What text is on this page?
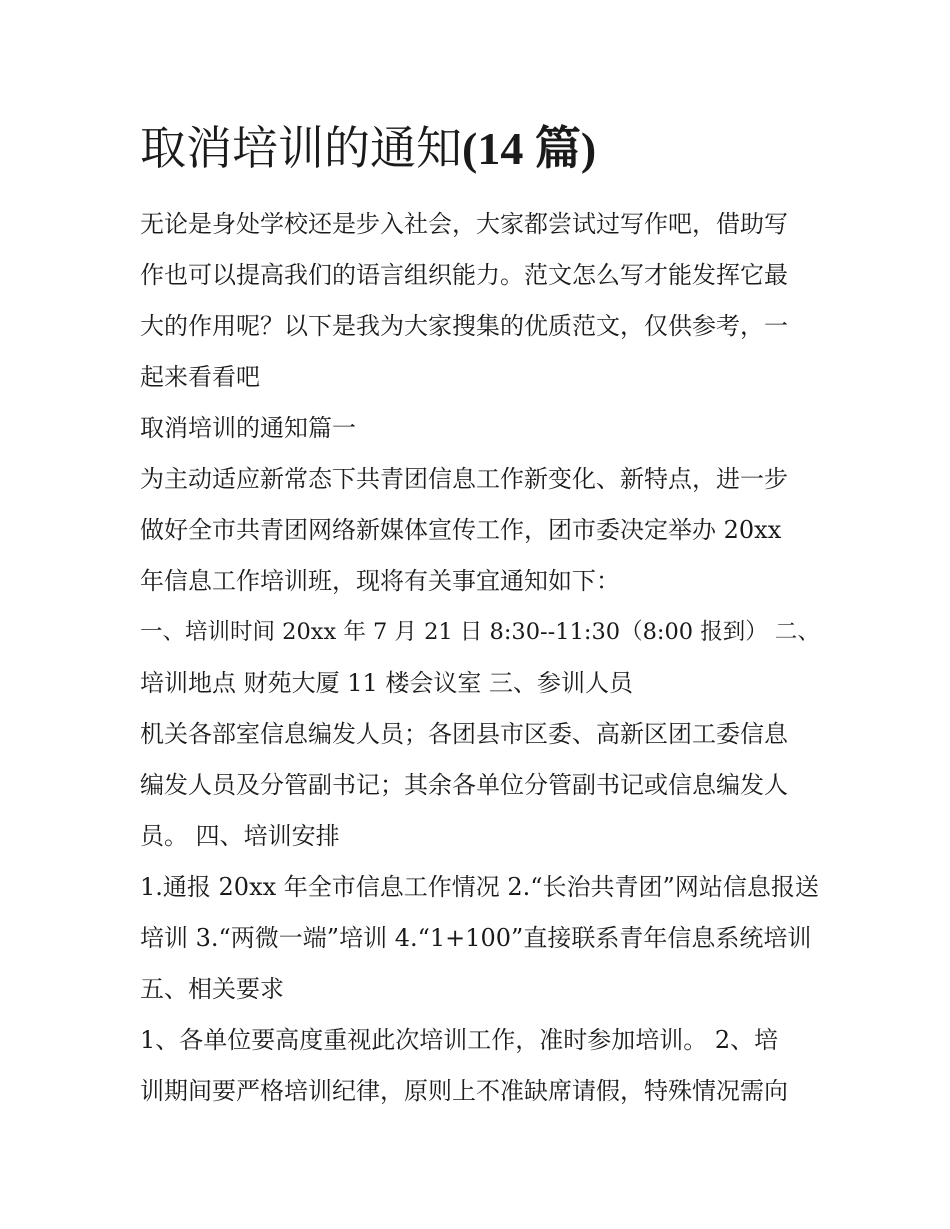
取消培训的通知(14 篇)
无论是身处学校还是步入社会，大家都尝试过写作吧，借助写
作也可以提高我们的语言组织能力。范文怎么写才能发挥它最
大的作用呢？以下是我为大家搜集的优质范文，仅供参考，一
起来看看吧
取消培训的通知篇一
为主动适应新常态下共青团信息工作新变化、新特点，进一步
做好全市共青团网络新媒体宣传工作，团市委决定举办 20xx
年信息工作培训班，现将有关事宜通知如下：
一、培训时间 20xx 年 7 月 21 日 8:30--11:30（8:00 报到） 二、
培训地点 财苑大厦 11 楼会议室 三、参训人员
机关各部室信息编发人员；各团县市区委、高新区团工委信息
编发人员及分管副书记；其余各单位分管副书记或信息编发人
员。 四、培训安排
1.通报 20xx 年全市信息工作情况 2.“长治共青团”网站信息报送
培训 3.“两微一端”培训 4.“1+100”直接联系青年信息系统培训
五、相关要求
1、各单位要高度重视此次培训工作，准时参加培训。 2、培
训期间要严格培训纪律，原则上不准缺席请假，特殊情况需向
